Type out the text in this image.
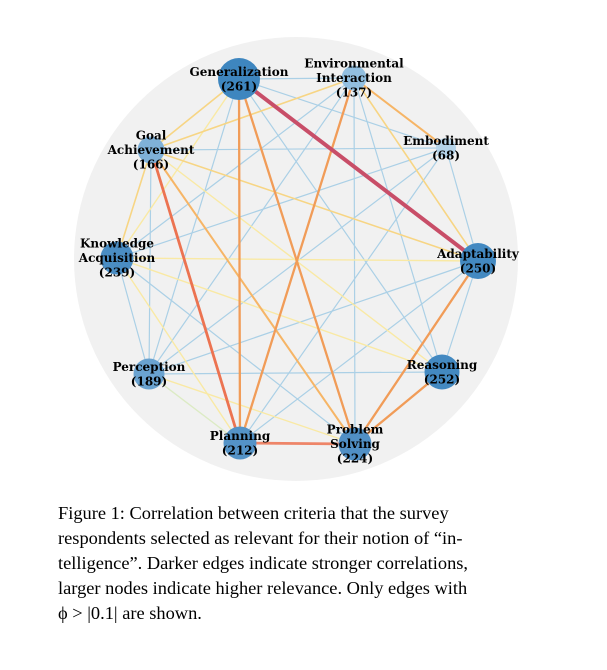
Generalization (261)
Environmental Interaction (137)
Embodiment (68)
Adaptability (250)
Reasoning (252)
Problem Solving (224)
Planning (212)
Perception (189)
Knowledge Acquisition (239)
Goal Achievement (166)
Figure 1: Correlation between criteria that the survey
respondents selected as relevant for their notion of “in-
telligence”. Darker edges indicate stronger correlations,
larger nodes indicate higher relevance. Only edges with
ϕ > |0.1| are shown.
